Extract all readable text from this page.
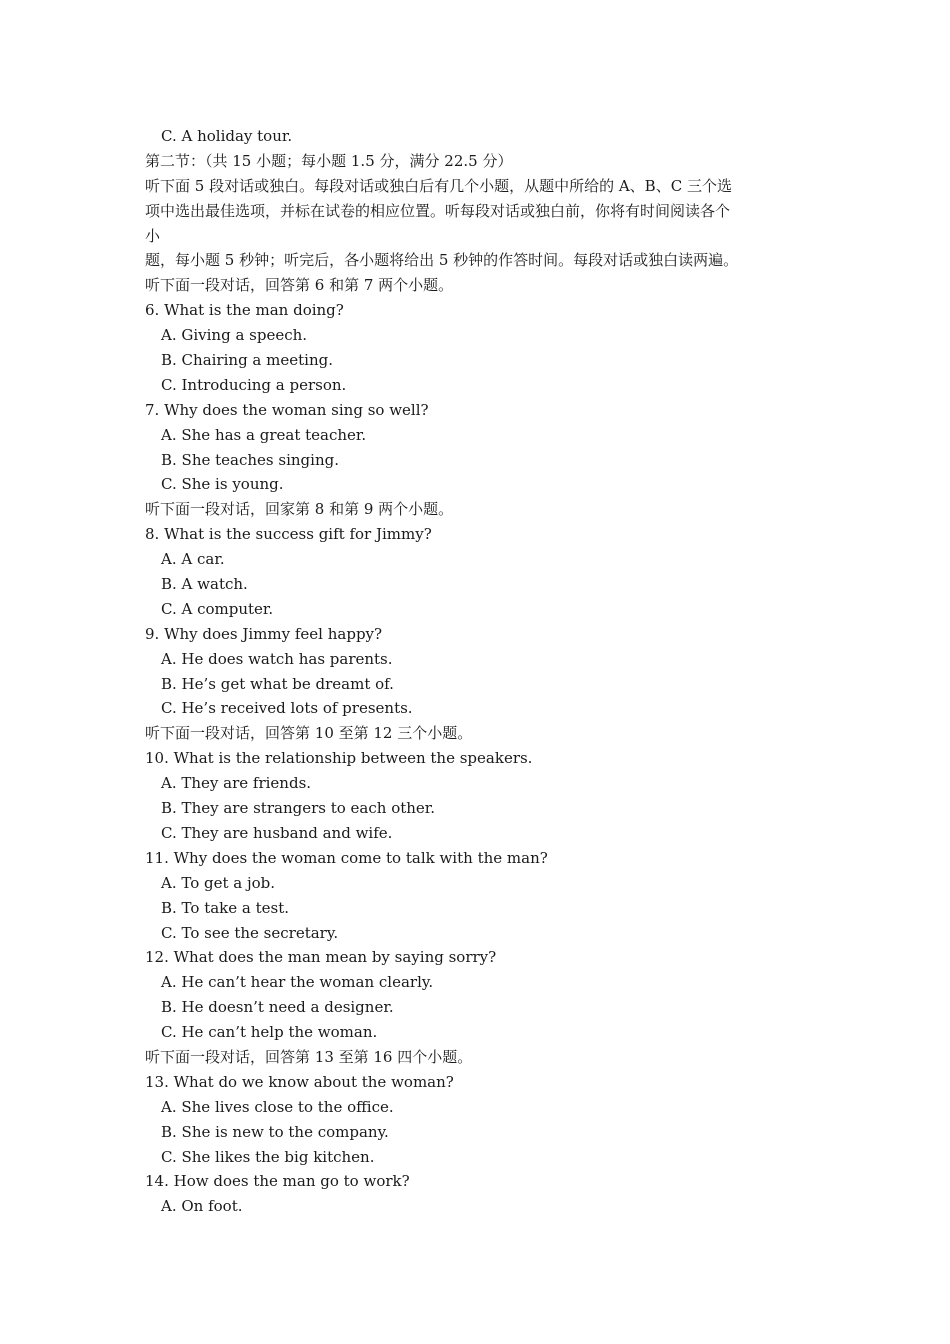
C. A holiday tour.
第二节：（共 15 小题；每小题 1.5 分，满分 22.5 分）
听下面 5 段对话或独白。每段对话或独白后有几个小题，从题中所给的 A、B、C 三个选
项中选出最佳选项，并标在试卷的相应位置。听每段对话或独白前，你将有时间阅读各个
小
题，每小题 5 秒钟；听完后，各小题将给出 5 秒钟的作答时间。每段对话或独白读两遍。
听下面一段对话，回答第 6 和第 7 两个小题。
6. What is the man doing?
A. Giving a speech.
B. Chairing a meeting.
C. Introducing a person.
7. Why does the woman sing so well?
A. She has a great teacher.
B. She teaches singing.
C. She is young.
听下面一段对话，回家第 8 和第 9 两个小题。
8. What is the success gift for Jimmy?
A. A car.
B. A watch.
C. A computer.
9. Why does Jimmy feel happy?
A. He does watch has parents.
B. He’s get what be dreamt of.
C. He’s received lots of presents.
听下面一段对话，回答第 10 至第 12 三个小题。
10. What is the relationship between the speakers.
A. They are friends.
B. They are strangers to each other.
C. They are husband and wife.
11. Why does the woman come to talk with the man?
A. To get a job.
B. To take a test.
C. To see the secretary.
12. What does the man mean by saying sorry?
A. He can’t hear the woman clearly.
B. He doesn’t need a designer.
C. He can’t help the woman.
听下面一段对话，回答第 13 至第 16 四个小题。
13. What do we know about the woman?
A. She lives close to the office.
B. She is new to the company.
C. She likes the big kitchen.
14. How does the man go to work?
A. On foot.
